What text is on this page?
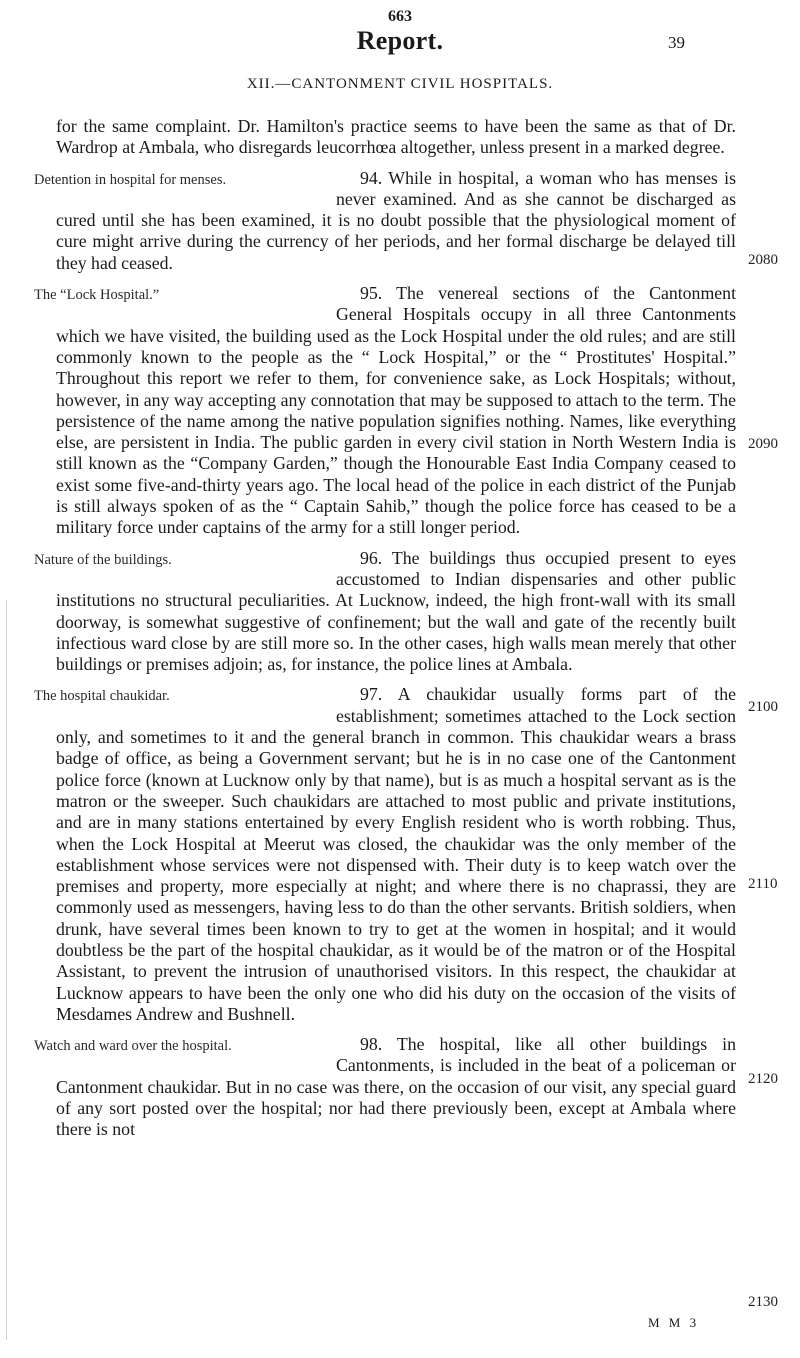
663
Report.	39
XII.—CANTONMENT CIVIL HOSPITALS.

for the same complaint. Dr. Hamilton's practice seems to have been the same as that of Dr. Wardrop at Ambala, who disregards leucorrhœa altogether, unless present in a marked degree.

Detention in hospital for menses.	94. While in hospital, a woman who has menses is never examined. And as she cannot be discharged as cured until she has been examined, it is no doubt possible that the physiological moment of cure might arrive during the currency of her periods, and her formal discharge be delayed till they had ceased.

The “Lock Hospital.”	95. The venereal sections of the Cantonment General Hospitals occupy in all three Cantonments which we have visited, the building used as the Lock Hospital under the old rules; and are still commonly known to the people as the “ Lock Hospital,” or the “ Prostitutes' Hospital.” Throughout this report we refer to them, for convenience sake, as Lock Hospitals; without, however, in any way accepting any connotation that may be supposed to attach to the term. The persistence of the name among the native population signifies nothing. Names, like everything else, are persistent in India. The public garden in every civil station in North Western India is still known as the “Company Garden,” though the Honourable East India Company ceased to exist some five-and-thirty years ago. The local head of the police in each district of the Punjab is still always spoken of as the “ Captain Sahib,” though the police force has ceased to be a military force under captains of the army for a still longer period.

Nature of the buildings.	96. The buildings thus occupied present to eyes accustomed to Indian dispensaries and other public institutions no structural peculiarities. At Lucknow, indeed, the high front-wall with its small doorway, is somewhat suggestive of confinement; but the wall and gate of the recently built infectious ward close by are still more so. In the other cases, high walls mean merely that other buildings or premises adjoin; as, for instance, the police lines at Ambala.

The hospital chaukidar.	97. A chaukidar usually forms part of the establishment; sometimes attached to the Lock section only, and sometimes to it and the general branch in common. This chaukidar wears a brass badge of office, as being a Government servant; but he is in no case one of the Cantonment police force (known at Lucknow only by that name), but is as much a hospital servant as is the matron or the sweeper. Such chaukidars are attached to most public and private institutions, and are in many stations entertained by every English resident who is worth robbing. Thus, when the Lock Hospital at Meerut was closed, the chaukidar was the only member of the establishment whose services were not dispensed with. Their duty is to keep watch over the premises and property, more especially at night; and where there is no chaprassi, they are commonly used as messengers, having less to do than the other servants. British soldiers, when drunk, have several times been known to try to get at the women in hospital; and it would doubtless be the part of the hospital chaukidar, as it would be of the matron or of the Hospital Assistant, to prevent the intrusion of unauthorised visitors. In this respect, the chaukidar at Lucknow appears to have been the only one who did his duty on the occasion of the visits of Mesdames Andrew and Bushnell.

Watch and ward over the hospital.	98. The hospital, like all other buildings in Cantonments, is included in the beat of a policeman or Cantonment chaukidar. But in no case was there, on the occasion of our visit, any special guard of any sort posted over the hospital; nor had there previously been, except at Ambala where there is not

2080
2090
2100
2110
2120
2130
M M 3
